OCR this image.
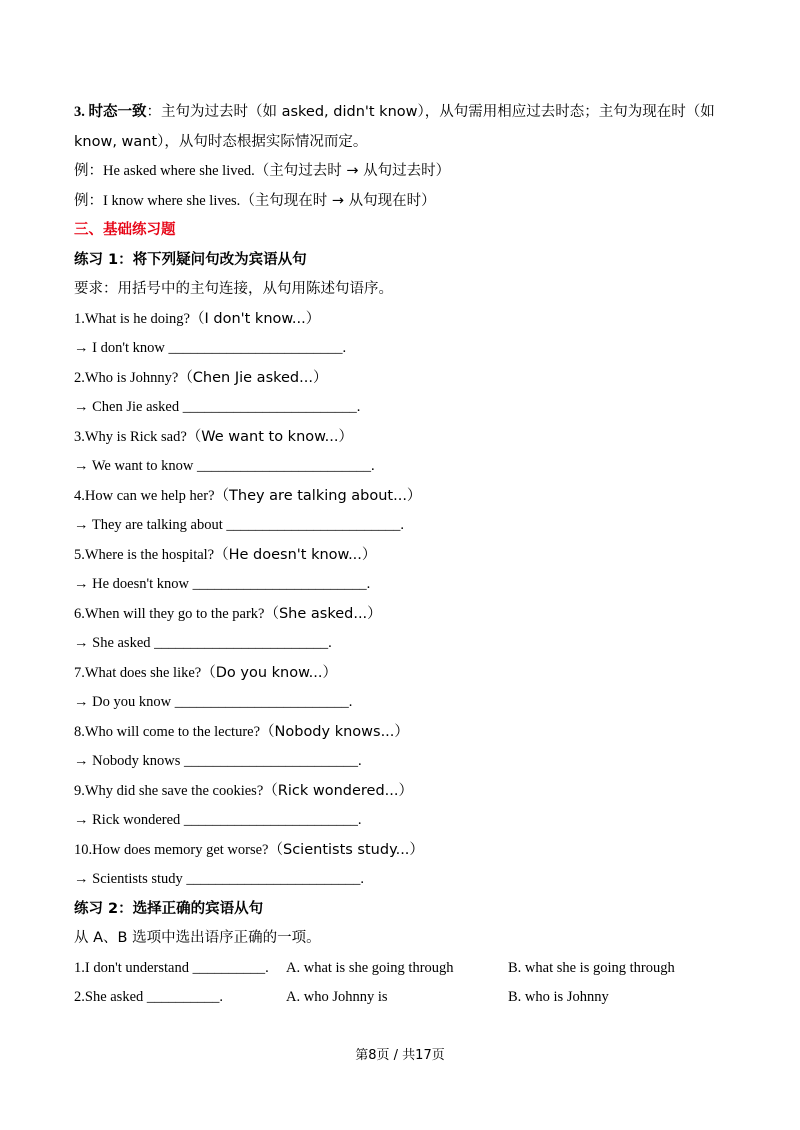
3. 时态一致：主句为过去时（如 asked, didn't know），从句需用相应过去时态；主句为现在时（如
know, want），从句时态根据实际情况而定。
例：He asked where she lived.（主句过去时 → 从句过去时）
例：I know where she lives.（主句现在时 → 从句现在时）
三、基础练习题
练习 1：将下列疑问句改为宾语从句
要求：用括号中的主句连接，从句用陈述句语序。
1.What is he doing?（I don't know...）
→ I don't know ________________________.
2.Who is Johnny?（Chen Jie asked...）
→ Chen Jie asked ________________________.
3.Why is Rick sad?（We want to know...）
→ We want to know ________________________.
4.How can we help her?（They are talking about...）
→ They are talking about ________________________.
5.Where is the hospital?（He doesn't know...）
→ He doesn't know ________________________.
6.When will they go to the park?（She asked...）
→ She asked ________________________.
7.What does she like?（Do you know...）
→ Do you know ________________________.
8.Who will come to the lecture?（Nobody knows...）
→ Nobody knows ________________________.
9.Why did she save the cookies?（Rick wondered...）
→ Rick wondered ________________________.
10.How does memory get worse?（Scientists study...）
→ Scientists study ________________________.
练习 2：选择正确的宾语从句
从 A、B 选项中选出语序正确的一项。
1.I don't understand __________.	A. what is she going through	B. what she is going through
2.She asked __________.	A. who Johnny is	B. who is Johnny
第8页 / 共17页
